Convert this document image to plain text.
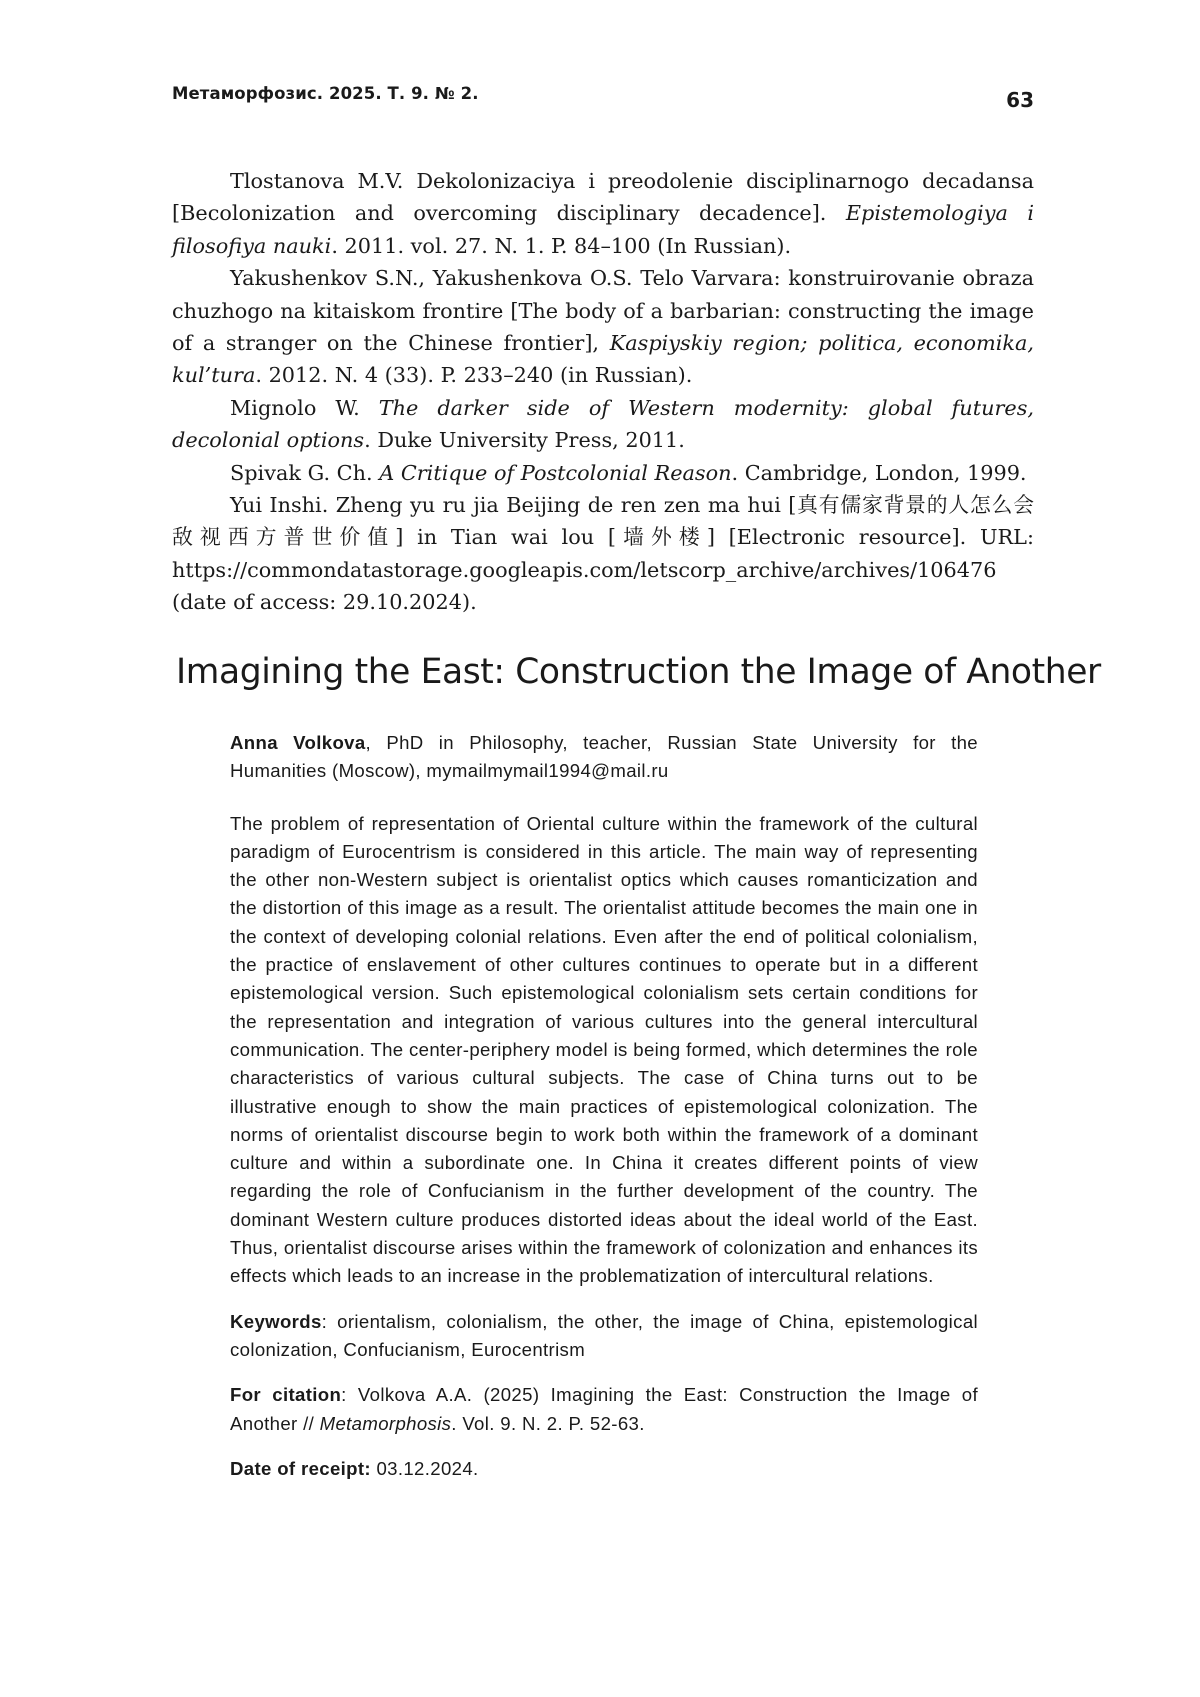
Метаморфозис. 2025. Т. 9. № 2.	63

Tlostanova M.V. Dekolonizaciya i preodolenie disciplinarnogo decadansa [Becolonization and overcoming disciplinary decadence]. Epistemologiya i filosofiya nauki. 2011. vol. 27. N. 1. P. 84–100 (In Russian).

Yakushenkov S.N., Yakushenkova O.S. Telo Varvara: konstruirovanie obraza chuzhogo na kitaiskom frontire [The body of a barbarian: constructing the image of a stranger on the Chinese frontier], Kaspiyskiy region; politica, economika, kul’tura. 2012. N. 4 (33). P. 233–240 (in Russian).

Mignolo W. The darker side of Western modernity: global futures, decolonial options. Duke University Press, 2011.

Spivak G. Ch. A Critique of Postcolonial Reason. Cambridge, London, 1999.

Yui Inshi. Zheng yu ru jia Beijing de ren zen ma hui [真有儒家背景的人怎么会敌视西方普世价值] in Tian wai lou [墙外楼] [Electronic resource]. URL: https://commondatastorage.googleapis.com/letscorp_archive/archives/106476 (date of access: 29.10.2024).

Imagining the East: Construction the Image of Another

Anna Volkova, PhD in Philosophy, teacher, Russian State University for the Humanities (Moscow), mymailmymail1994@mail.ru

The problem of representation of Oriental culture within the framework of the cultural paradigm of Eurocentrism is considered in this article. The main way of representing the other non-Western subject is orientalist optics which causes romanticization and the distortion of this image as a result. The orientalist attitude becomes the main one in the context of developing colonial relations. Even after the end of political colonialism, the practice of enslavement of other cultures continues to operate but in a different epistemological version. Such epistemological colonialism sets certain conditions for the representation and integration of various cultures into the general intercultural communication. The center-periphery model is being formed, which determines the role characteristics of various cultural subjects. The case of China turns out to be illustrative enough to show the main practices of epistemological colonization. The norms of orientalist discourse begin to work both within the framework of a dominant culture and within a subordinate one. In China it creates different points of view regarding the role of Confucianism in the further development of the country. The dominant Western culture produces distorted ideas about the ideal world of the East. Thus, orientalist discourse arises within the framework of colonization and enhances its effects which leads to an increase in the problematization of intercultural relations.

Keywords: orientalism, colonialism, the other, the image of China, epistemological colonization, Confucianism, Eurocentrism

For citation: Volkova A.A. (2025) Imagining the East: Construction the Image of Another // Metamorphosis. Vol. 9. N. 2. P. 52-63.

Date of receipt: 03.12.2024.
